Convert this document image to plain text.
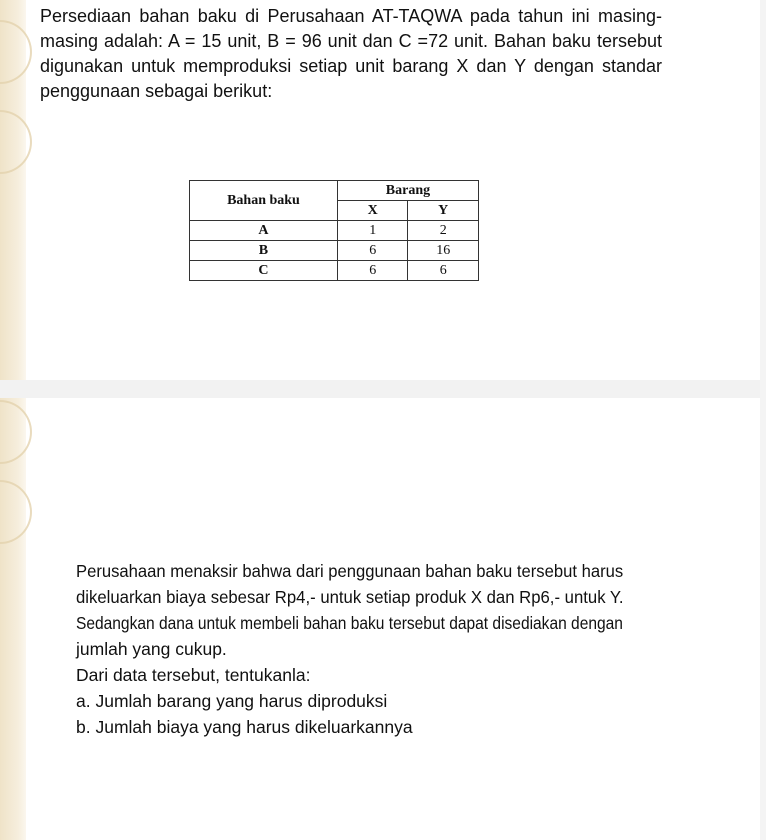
Persediaan bahan baku di Perusahaan AT-TAQWA pada tahun ini masing-
masing adalah: A = 15 unit, B = 96 unit dan C =72 unit. Bahan baku tersebut
digunakan untuk memproduksi setiap unit barang X dan Y dengan standar
penggunaan sebagai berikut:
Bahan baku	Barang	
	X	Y
A	1	2
B	6	16
C	6	6
Perusahaan menaksir bahwa dari penggunaan bahan baku tersebut harus
dikeluarkan biaya sebesar Rp4,- untuk setiap produk X dan Rp6,- untuk Y.
Sedangkan dana untuk membeli bahan baku tersebut dapat disediakan dengan
jumlah yang cukup.
Dari data tersebut, tentukanla:
a. Jumlah barang yang harus diproduksi
b. Jumlah biaya yang harus dikeluarkannya
